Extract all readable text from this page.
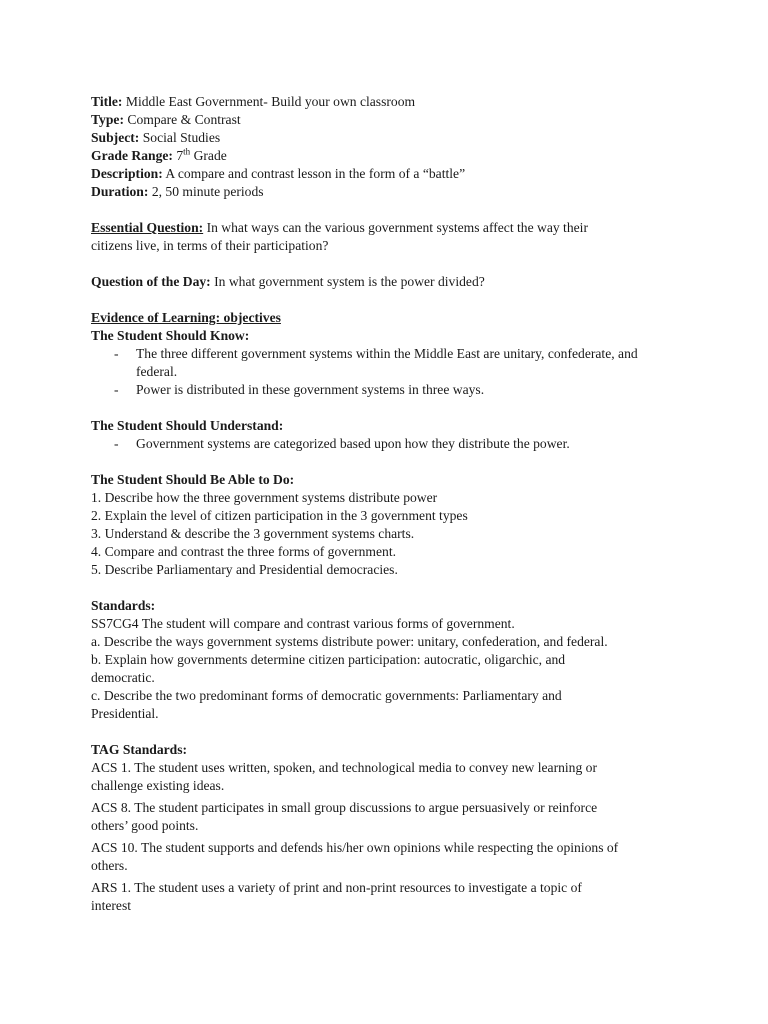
Title: Middle East Government- Build your own classroom
Type: Compare & Contrast
Subject: Social Studies
Grade Range: 7th Grade
Description: A compare and contrast lesson in the form of a “battle”
Duration: 2, 50 minute periods
Essential Question: In what ways can the various government systems affect the way their
citizens live, in terms of their participation?
Question of the Day: In what government system is the power divided?
Evidence of Learning: objectives
The Student Should Know:
-	The three different government systems within the Middle East are unitary, confederate, and federal.
-	Power is distributed in these government systems in three ways.
The Student Should Understand:
-	Government systems are categorized based upon how they distribute the power.
The Student Should Be Able to Do:
1. Describe how the three government systems distribute power
2. Explain the level of citizen participation in the 3 government types
3. Understand & describe the 3 government systems charts.
4. Compare and contrast the three forms of government.
5. Describe Parliamentary and Presidential democracies.
Standards:
SS7CG4 The student will compare and contrast various forms of government.
a. Describe the ways government systems distribute power: unitary, confederation, and federal.
b. Explain how governments determine citizen participation: autocratic, oligarchic, and
democratic.
c. Describe the two predominant forms of democratic governments: Parliamentary and
Presidential.
TAG Standards:
ACS 1. The student uses written, spoken, and technological media to convey new learning or
challenge existing ideas.
ACS 8. The student participates in small group discussions to argue persuasively or reinforce
others’ good points.
ACS 10. The student supports and defends his/her own opinions while respecting the opinions of
others.
ARS 1. The student uses a variety of print and non-print resources to investigate a topic of
interest
